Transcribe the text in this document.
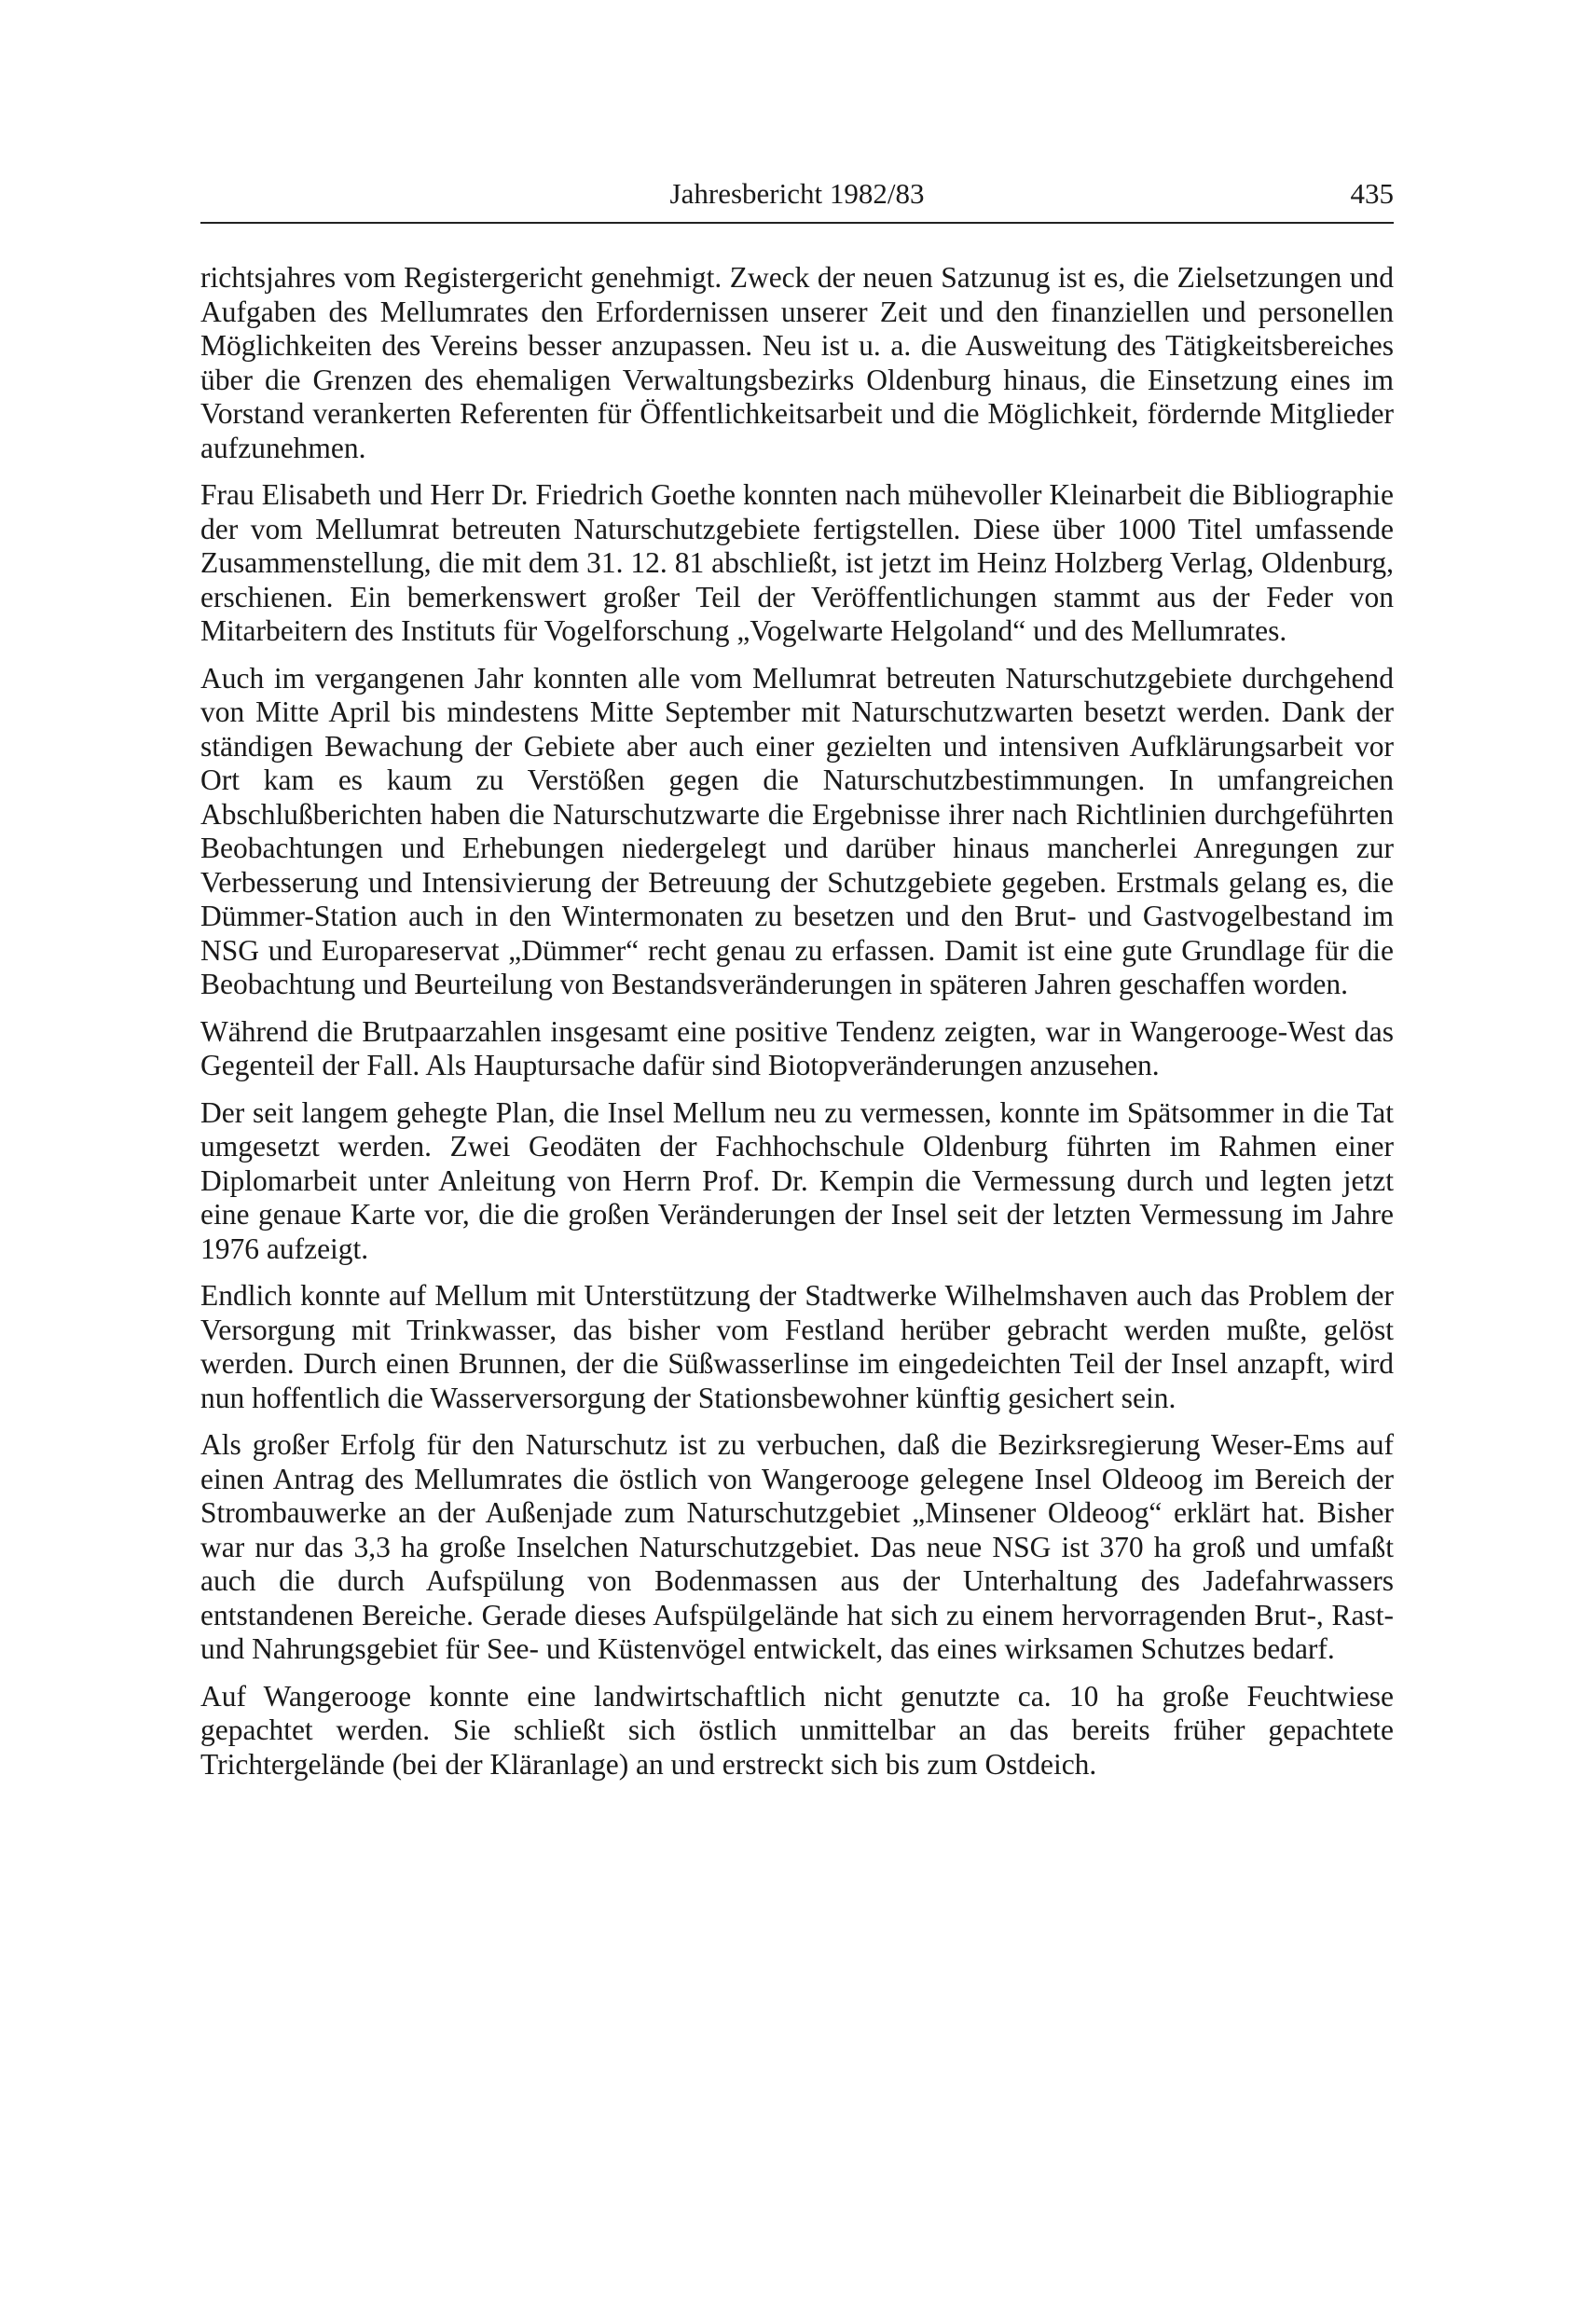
Jahresbericht 1982/83	435

richtsjahres vom Registergericht genehmigt. Zweck der neuen Satzunug ist es, die Zielsetzungen und Aufgaben des Mellumrates den Erfordernissen unserer Zeit und den finanziellen und personellen Möglichkeiten des Vereins besser anzupassen. Neu ist u. a. die Ausweitung des Tätigkeitsbereiches über die Grenzen des ehemaligen Verwaltungsbezirks Oldenburg hinaus, die Einsetzung eines im Vorstand verankerten Referenten für Öffentlichkeitsarbeit und die Möglichkeit, fördernde Mitglieder aufzunehmen.

Frau Elisabeth und Herr Dr. Friedrich Goethe konnten nach mühevoller Kleinarbeit die Bibliographie der vom Mellumrat betreuten Naturschutzgebiete fertigstellen. Diese über 1000 Titel umfassende Zusammenstellung, die mit dem 31. 12. 81 abschließt, ist jetzt im Heinz Holzberg Verlag, Oldenburg, erschienen. Ein bemerkenswert großer Teil der Veröffentlichungen stammt aus der Feder von Mitarbeitern des Instituts für Vogelforschung „Vogelwarte Helgoland“ und des Mellumrates.

Auch im vergangenen Jahr konnten alle vom Mellumrat betreuten Naturschutzgebiete durchgehend von Mitte April bis mindestens Mitte September mit Naturschutzwarten besetzt werden. Dank der ständigen Bewachung der Gebiete aber auch einer gezielten und intensiven Aufklärungsarbeit vor Ort kam es kaum zu Verstößen gegen die Naturschutzbestimmungen. In umfangreichen Abschlußberichten haben die Naturschutzwarte die Ergebnisse ihrer nach Richtlinien durchgeführten Beobachtungen und Erhebungen niedergelegt und darüber hinaus mancherlei Anregungen zur Verbesserung und Intensivierung der Betreuung der Schutzgebiete gegeben. Erstmals gelang es, die Dümmer-Station auch in den Wintermonaten zu besetzen und den Brut- und Gastvogelbestand im NSG und Europareservat „Dümmer“ recht genau zu erfassen. Damit ist eine gute Grundlage für die Beobachtung und Beurteilung von Bestandsveränderungen in späteren Jahren geschaffen worden.

Während die Brutpaarzahlen insgesamt eine positive Tendenz zeigten, war in Wangerooge-West das Gegenteil der Fall. Als Hauptursache dafür sind Biotopveränderungen anzusehen.

Der seit langem gehegte Plan, die Insel Mellum neu zu vermessen, konnte im Spätsommer in die Tat umgesetzt werden. Zwei Geodäten der Fachhochschule Oldenburg führten im Rahmen einer Diplomarbeit unter Anleitung von Herrn Prof. Dr. Kempin die Vermessung durch und legten jetzt eine genaue Karte vor, die die großen Veränderungen der Insel seit der letzten Vermessung im Jahre 1976 aufzeigt.

Endlich konnte auf Mellum mit Unterstützung der Stadtwerke Wilhelmshaven auch das Problem der Versorgung mit Trinkwasser, das bisher vom Festland herüber gebracht werden mußte, gelöst werden. Durch einen Brunnen, der die Süßwasserlinse im eingedeichten Teil der Insel anzapft, wird nun hoffentlich die Wasserversorgung der Stationsbewohner künftig gesichert sein.

Als großer Erfolg für den Naturschutz ist zu verbuchen, daß die Bezirksregierung Weser-Ems auf einen Antrag des Mellumrates die östlich von Wangerooge gelegene Insel Oldeoog im Bereich der Strombauwerke an der Außenjade zum Naturschutzgebiet „Minsener Oldeoog“ erklärt hat. Bisher war nur das 3,3 ha große Inselchen Naturschutzgebiet. Das neue NSG ist 370 ha groß und umfaßt auch die durch Aufspülung von Bodenmassen aus der Unterhaltung des Jadefahrwassers entstandenen Bereiche. Gerade dieses Aufspülgelände hat sich zu einem hervorragenden Brut-, Rast- und Nahrungsgebiet für See- und Küstenvögel entwickelt, das eines wirksamen Schutzes bedarf.

Auf Wangerooge konnte eine landwirtschaftlich nicht genutzte ca. 10 ha große Feuchtwiese gepachtet werden. Sie schließt sich östlich unmittelbar an das bereits früher gepachtete Trichtergelände (bei der Kläranlage) an und erstreckt sich bis zum Ostdeich.
